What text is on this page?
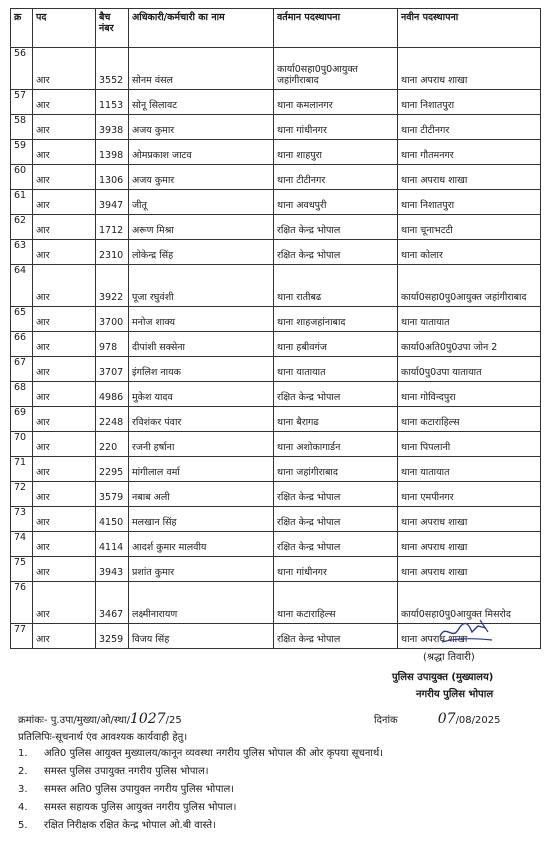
क्र	पद	बैच नंबर	अधिकारी/कर्मचारी का नाम	वर्तमान पदस्थापना	नवीन पदस्थापना
56	आर	3552	सोनम वंसल	कार्या0सहा0पु0आयुक्त जहांगीराबाद	थाना अपराध शाखा
57	आर	1153	सोनू सिलावट	थाना कमलानगर	थाना निशातपुरा
58	आर	3938	अजय कुमार	थाना गांधीनगर	थाना टीटीनगर
59	आर	1398	ओमप्रकाश जाटव	थाना शाहपुरा	थाना गौतमनगर
60	आर	1306	अजय कुमार	थाना टीटीनगर	थाना अपराध शाखा
61	आर	3947	जीतू	थाना अवधपुरी	थाना निशातपुरा
62	आर	1712	अरूण मिश्रा	रक्षित केन्द्र भोपाल	थाना चूनाभटटी
63	आर	2310	लोकेन्द्र सिंह	रक्षित केन्द्र भोपाल	थाना कोलार
64	आर	3922	पूजा रघुवंशी	थाना रातीबढ	कार्या0सहा0पु0आयुक्त जहांगीराबाद
65	आर	3700	मनोज शाक्य	थाना शाहजहांनाबाद	थाना यातायात
66	आर	978	दीपांशी सक्सेना	थाना हबीवगंज	कार्या0अति0पु0उपा जोन 2
67	आर	3707	इंगलिश नायक	थाना यातायात	कार्या0पु0उपा यातायात
68	आर	4986	मुकेश यादव	रक्षित केन्द्र भोपाल	थाना गोविन्दपुरा
69	आर	2248	रविशंकर पंवार	थाना बैरागढ	थाना कटाराहिल्स
70	आर	220	रजनी हर्षाना	थाना अशोकागार्डन	थाना पिपलानी
71	आर	2295	मांगीलाल वर्मा	थाना जहांगीराबाद	थाना यातायात
72	आर	3579	नबाब अली	रक्षित केन्द्र भोपाल	थाना एमपीनगर
73	आर	4150	मलखान सिंह	रक्षित केन्द्र भोपाल	थाना अपराध शाखा
74	आर	4114	आदर्श कुमार मालवीय	रक्षित केन्द्र भोपाल	थाना अपराध शाखा
75	आर	3943	प्रशांत कुमार	थाना गांधीनगर	थाना अपराध शाखा
76	आर	3467	लक्ष्मीनारायण	थाना कटाराहिल्स	कार्या0सहा0पु0आयुक्त मिसरोद
77	आर	3259	विजय सिंह	रक्षित केन्द्र भोपाल	थाना अपराध शाखा
(श्रद्धा तिवारी)
पुलिस उपायुक्त (मुख्यालय)
नगरीय पुलिस भोपाल
क्रमांकः- पु.उपा/मुख्या/ओ/स्था/1027/25	दिनांक	07/08/2025
प्रतिलिपिः-सूचनार्थ एंव आवश्यक कार्यवाही हेतु।
1. अति0 पुलिस आयुक्त मुख्यालय/कानून व्यवस्था नगरीय पुलिस भोपाल की ओर कृपया सूचनार्थ।
2. समस्त पुलिस उपायुक्त नगरीय पुलिस भोपाल।
3. समस्त अति0 पुलिस उपायुक्त नगरीय पुलिस भोपाल।
4. समस्त सहायक पुलिस आयुक्त नगरीय पुलिस भोपाल।
5. रक्षित निरीक्षक रक्षित केन्द्र भोपाल ओ.बी वास्ते।
